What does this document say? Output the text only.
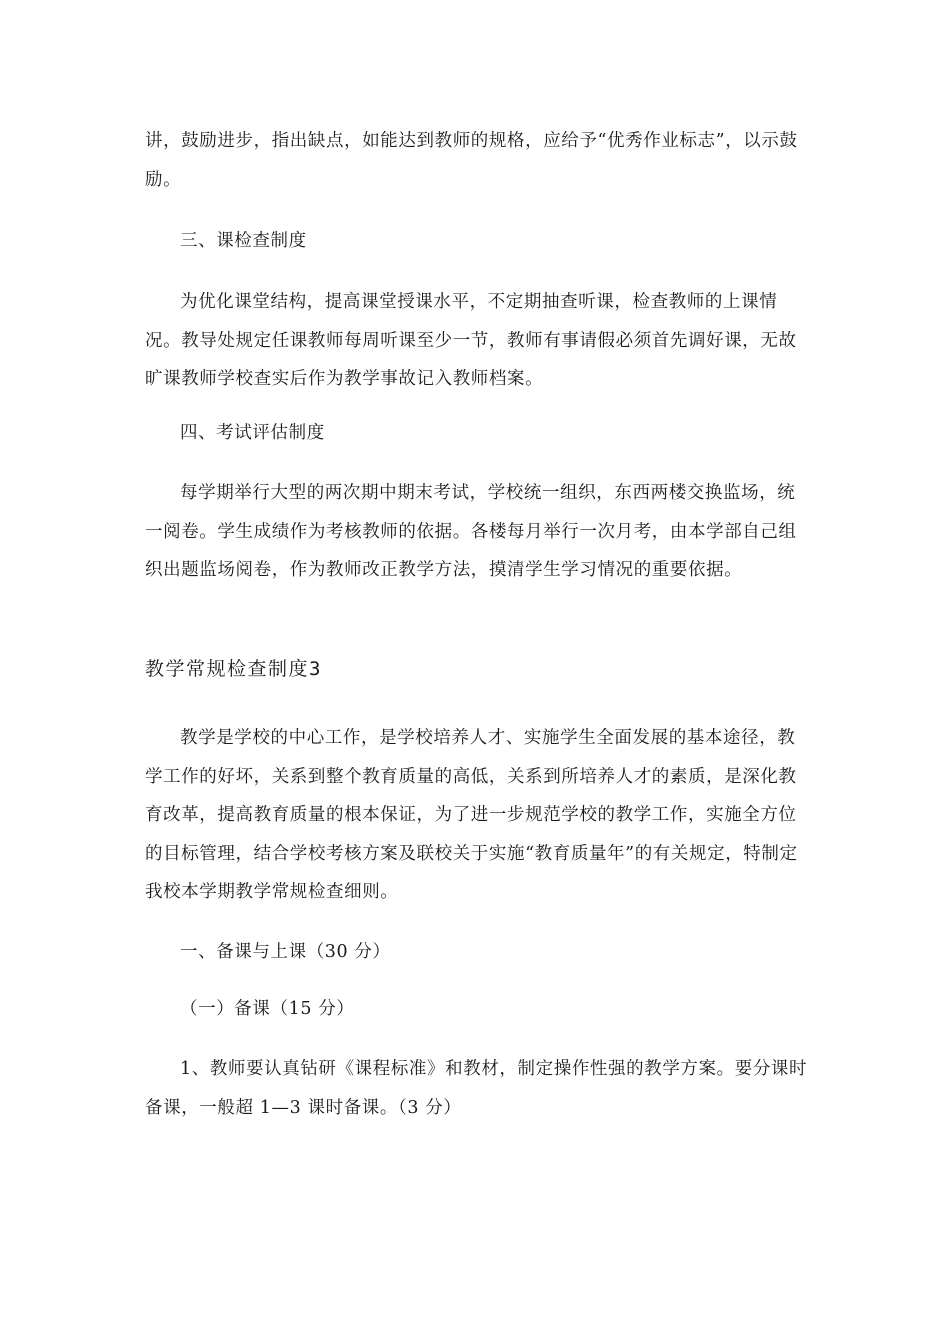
讲，鼓励进步，指出缺点，如能达到教师的规格，应给予“优秀作业标志”，以示鼓励。

三、课检查制度

为优化课堂结构，提高课堂授课水平，不定期抽查听课，检查教师的上课情况。教导处规定任课教师每周听课至少一节，教师有事请假必须首先调好课，无故旷课教师学校查实后作为教学事故记入教师档案。

四、考试评估制度

每学期举行大型的两次期中期末考试，学校统一组织，东西两楼交换监场，统一阅卷。学生成绩作为考核教师的依据。各楼每月举行一次月考，由本学部自己组织出题监场阅卷，作为教师改正教学方法，摸清学生学习情况的重要依据。

教学常规检查制度3

教学是学校的中心工作，是学校培养人才、实施学生全面发展的基本途径，教学工作的好坏，关系到整个教育质量的高低，关系到所培养人才的素质，是深化教育改革，提高教育质量的根本保证，为了进一步规范学校的教学工作，实施全方位的目标管理，结合学校考核方案及联校关于实施“教育质量年”的有关规定，特制定我校本学期教学常规检查细则。

一、备课与上课（30 分）

（一）备课（15 分）

1、教师要认真钻研《课程标准》和教材，制定操作性强的教学方案。要分课时备课，一般超 1—3 课时备课。（3 分）
